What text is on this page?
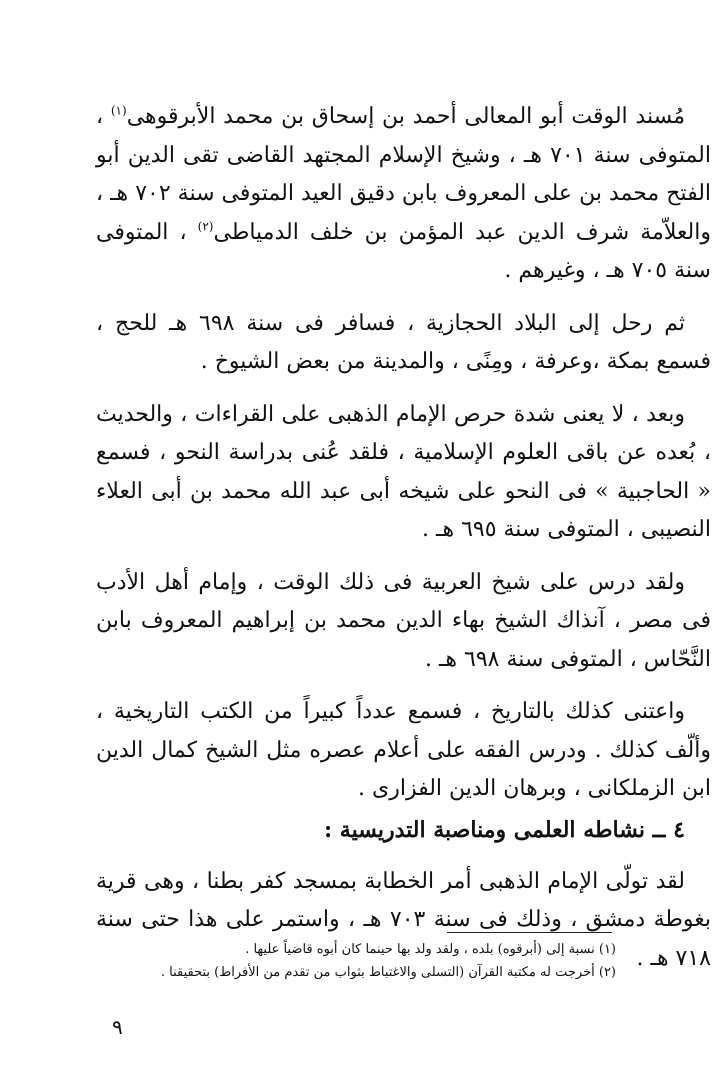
مُسند الوقت أبو المعالى أحمد بن إسحاق بن محمد الأبرقوهى$^{(١)}$ ، المتوفى سنة ٧٠١ هـ ، وشيخ الإسلام المجتهد القاضى تقى الدين أبو الفتح محمد بن على المعروف بابن دقيق العيد المتوفى سنة ٧٠٢ هـ ، والعلاّمة شرف الدين عبد المؤمن بن خلف الدمياطى$^{(٢)}$ ، المتوفى سنة ٧٠٥ هـ ، وغيرهم .

ثم رحل إلى البلاد الحجازية ، فسافر فى سنة ٦٩٨ هـ للحج ، فسمع بمكة ،وعرفة ، ومِنًى ، والمدينة من بعض الشيوخ .

وبعد ، لا يعنى شدة حرص الإمام الذهبى على القراءات ، والحديث ، بُعده عن باقى العلوم الإسلامية ، فلقد عُنى بدراسة النحو ، فسمع « الحاجبية » فى النحو على شيخه أبى عبد الله محمد بن أبى العلاء النصيبى ، المتوفى سنة ٦٩٥ هـ .

ولقد درس على شيخ العربية فى ذلك الوقت ، وإمام أهل الأدب فى مصر ، آنذاك الشيخ بهاء الدين محمد بن إبراهيم المعروف بابن النَّحّاس ، المتوفى سنة ٦٩٨ هـ .

واعتنى كذلك بالتاريخ ، فسمع عدداً كبيراً من الكتب التاريخية ، وألّف كذلك . ودرس الفقه على أعلام عصره مثل الشيخ كمال الدين ابن الزملكانى ، وبرهان الدين الفزارى .

٤ ــ نشاطه العلمى ومناصبة التدريسية :

لقد تولّى الإمام الذهبى أمر الخطابة بمسجد كفر بطنا ، وهى قرية بغوطة دمشق ، وذلك فى سنة ٧٠٣ هـ ، واستمر على هذا حتى سنة ٧١٨ هـ .

(١) نسبة إلى (أبرقوه) بلده ، ولقد ولد بها حينما كان أبوه قاضياً عليها .
(٢) أخرجت له مكتبة القرآن (التسلى والاغتباط بثواب من تقدم من الأفراط) بتحقيقنا .
٩
